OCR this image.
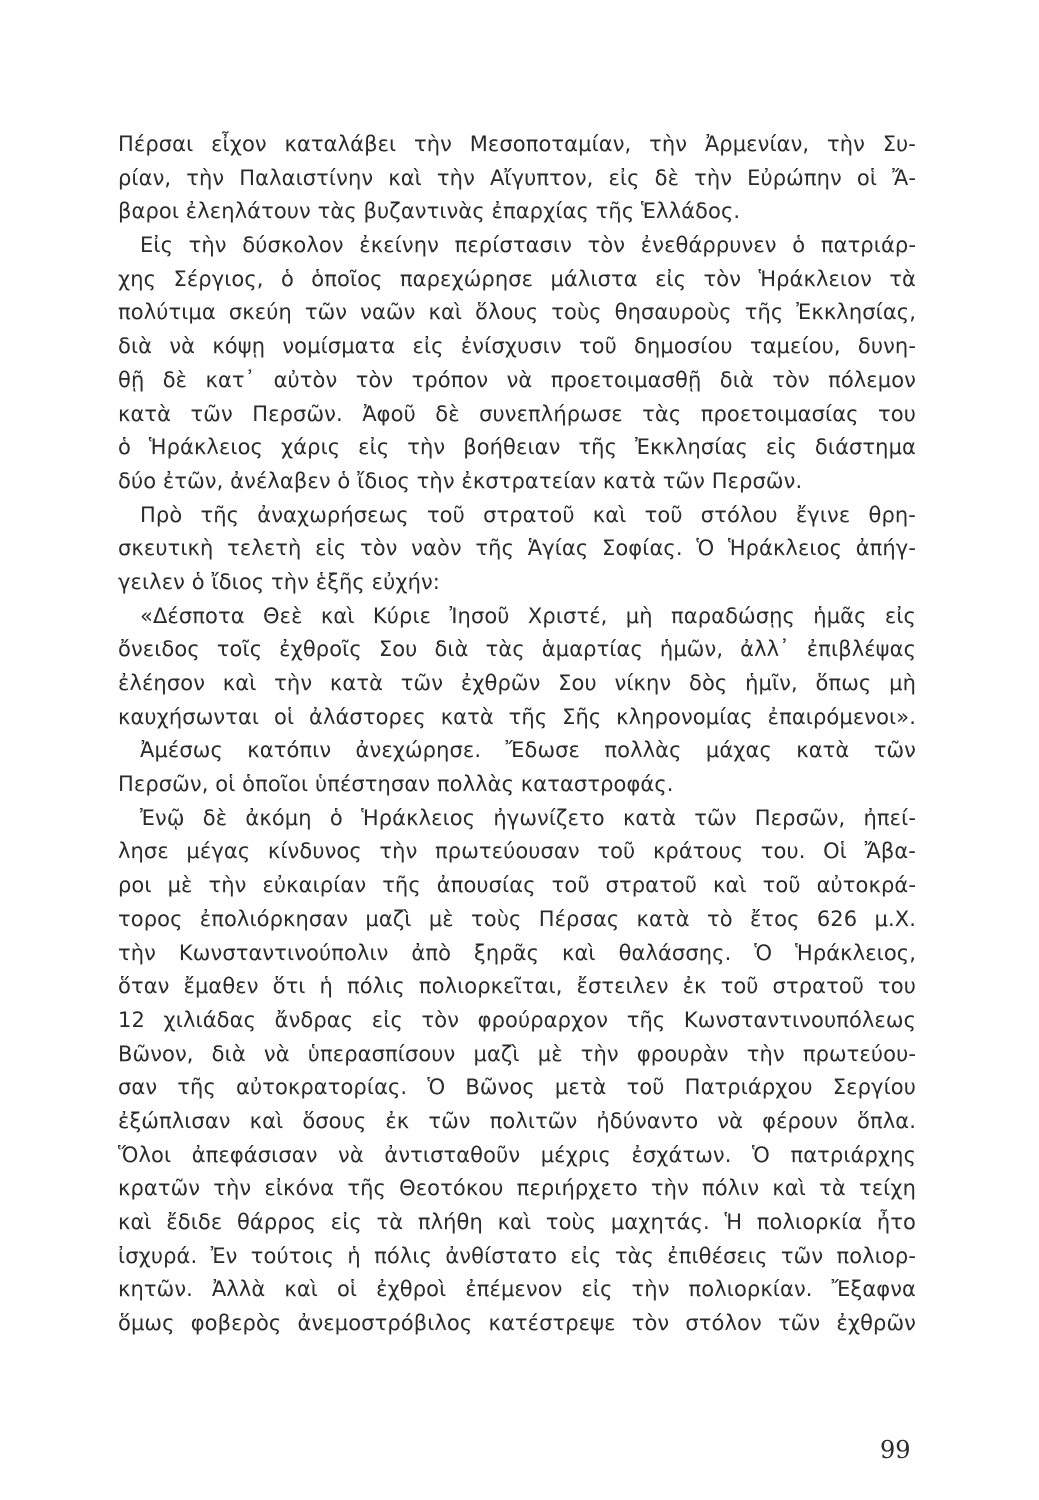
Πέρσαι εἶχον καταλάβει τὴν Μεσοποταμίαν, τὴν Ἀρμενίαν, τὴν Συ-
ρίαν, τὴν Παλαιστίνην καὶ τὴν Αἴγυπτον, εἰς δὲ τὴν Εὐρώπην οἱ Ἄ-
βαροι ἐλεηλάτουν τὰς βυζαντινὰς ἐπαρχίας τῆς Ἑλλάδος.
Εἰς τὴν δύσκολον ἐκείνην περίστασιν τὸν ἐνεθάρρυνεν ὁ πατριάρ-
χης Σέργιος, ὁ ὁποῖος παρεχώρησε μάλιστα εἰς τὸν Ἡράκλειον τὰ
πολύτιμα σκεύη τῶν ναῶν καὶ ὅλους τοὺς θησαυροὺς τῆς Ἐκκλησίας,
διὰ νὰ κόψῃ νομίσματα εἰς ἐνίσχυσιν τοῦ δημοσίου ταμείου, δυνη-
θῇ δὲ κατ᾽ αὐτὸν τὸν τρόπον νὰ προετοιμασθῇ διὰ τὸν πόλεμον
κατὰ τῶν Περσῶν. Ἀφοῦ δὲ συνεπλήρωσε τὰς προετοιμασίας του
ὁ Ἡράκλειος χάρις εἰς τὴν βοήθειαν τῆς Ἐκκλησίας εἰς διάστημα
δύο ἐτῶν, ἀνέλαβεν ὁ ἴδιος τὴν ἐκστρατείαν κατὰ τῶν Περσῶν.
Πρὸ τῆς ἀναχωρήσεως τοῦ στρατοῦ καὶ τοῦ στόλου ἔγινε θρη-
σκευτικὴ τελετὴ εἰς τὸν ναὸν τῆς Ἁγίας Σοφίας. Ὁ Ἡράκλειος ἀπήγ-
γειλεν ὁ ἴδιος τὴν ἑξῆς εὐχήν:
«Δέσποτα Θεὲ καὶ Κύριε Ἰησοῦ Χριστέ, μὴ παραδώσῃς ἡμᾶς εἰς
ὄνειδος τοῖς ἐχθροῖς Σου διὰ τὰς ἁμαρτίας ἡμῶν, ἀλλ᾽ ἐπιβλέψας
ἐλέησον καὶ τὴν κατὰ τῶν ἐχθρῶν Σου νίκην δὸς ἡμῖν, ὅπως μὴ
καυχήσωνται οἱ ἀλάστορες κατὰ τῆς Σῆς κληρονομίας ἐπαιρόμενοι».
Ἀμέσως κατόπιν ἀνεχώρησε. Ἔδωσε πολλὰς μάχας κατὰ τῶν
Περσῶν, οἱ ὁποῖοι ὑπέστησαν πολλὰς καταστροφάς.
Ἐνῷ δὲ ἀκόμη ὁ Ἡράκλειος ἠγωνίζετο κατὰ τῶν Περσῶν, ἠπεί-
λησε μέγας κίνδυνος τὴν πρωτεύουσαν τοῦ κράτους του. Οἱ Ἄβα-
ροι μὲ τὴν εὐκαιρίαν τῆς ἀπουσίας τοῦ στρατοῦ καὶ τοῦ αὐτοκρά-
τορος ἐπολιόρκησαν μαζὶ μὲ τοὺς Πέρσας κατὰ τὸ ἔτος 626 μ.Χ.
τὴν Κωνσταντινούπολιν ἀπὸ ξηρᾶς καὶ θαλάσσης. Ὁ Ἡράκλειος,
ὅταν ἔμαθεν ὅτι ἡ πόλις πολιορκεῖται, ἔστειλεν ἐκ τοῦ στρατοῦ του
12 χιλιάδας ἄνδρας εἰς τὸν φρούραρχον τῆς Κωνσταντινουπόλεως
Βῶνον, διὰ νὰ ὑπερασπίσουν μαζὶ μὲ τὴν φρουρὰν τὴν πρωτεύου-
σαν τῆς αὐτοκρατορίας. Ὁ Βῶνος μετὰ τοῦ Πατριάρχου Σεργίου
ἐξώπλισαν καὶ ὅσους ἐκ τῶν πολιτῶν ἠδύναντο νὰ φέρουν ὅπλα.
Ὅλοι ἀπεφάσισαν νὰ ἀντισταθοῦν μέχρις ἐσχάτων. Ὁ πατριάρχης
κρατῶν τὴν εἰκόνα τῆς Θεοτόκου περιήρχετο τὴν πόλιν καὶ τὰ τείχη
καὶ ἔδιδε θάρρος εἰς τὰ πλήθη καὶ τοὺς μαχητάς. Ἡ πολιορκία ἦτο
ἰσχυρά. Ἐν τούτοις ἡ πόλις ἀνθίστατο εἰς τὰς ἐπιθέσεις τῶν πολιορ-
κητῶν. Ἀλλὰ καὶ οἱ ἐχθροὶ ἐπέμενον εἰς τὴν πολιορκίαν. Ἔξαφνα
ὅμως φοβερὸς ἀνεμοστρόβιλος κατέστρεψε τὸν στόλον τῶν ἐχθρῶν
99
